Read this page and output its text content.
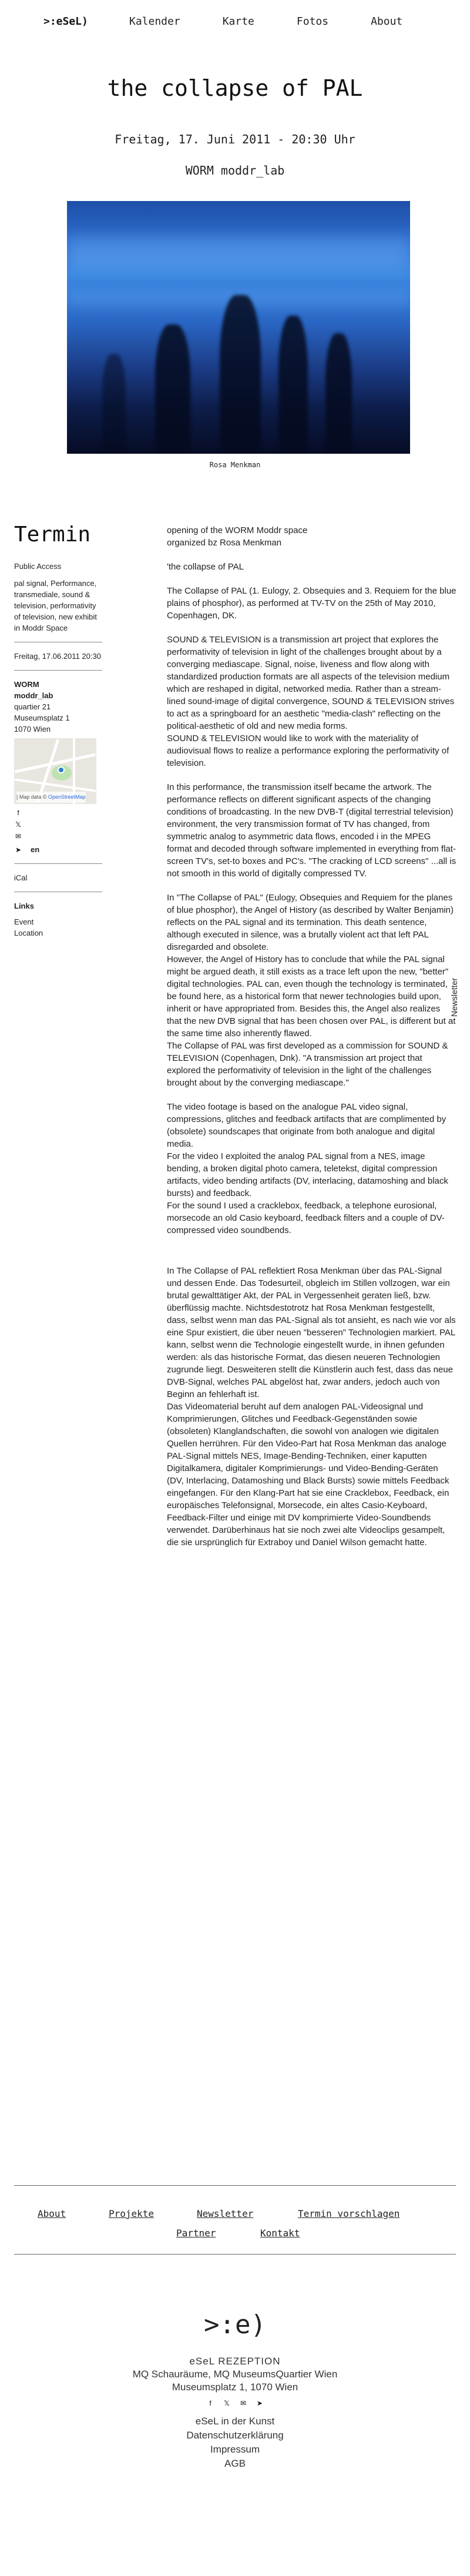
>:eSeL)	Kalender	Karte	Fotos	About
the collapse of PAL
Freitag, 17. Juni 2011 - 20:30 Uhr
WORM moddr_lab
Rosa Menkman
Termin
Public Access
pal signal, Performance, transmediale, sound & television, performativity of television, new exhibit in Moddr Space
Freitag, 17.06.2011 20:30
WORM
moddr_lab
quartier 21
Museumsplatz 1
1070 Wien
| Map data © OpenStreetMap
f
𝕏
✉
➤ en
iCal
Links
Event
Location
Newsletter

opening of the WORM Moddr space
organized bz Rosa Menkman

'the collapse of PAL

The Collapse of PAL (1. Eulogy, 2. Obsequies and 3. Requiem for the blue plains of phosphor), as performed at TV-TV on the 25th of May 2010, Copenhagen, DK.

SOUND & TELEVISION is a transmission art project that explores the performativity of television in light of the challenges brought about by a converging mediascape. Signal, noise, liveness and flow along with standardized production formats are all aspects of the television medium which are reshaped in digital, networked media. Rather than a stream-lined sound-image of digital convergence, SOUND & TELEVISION strives to act as a springboard for an aesthetic "media-clash" reflecting on the political-aesthetic of old and new media forms.

SOUND & TELEVISION would like to work with the materiality of audiovisual flows to realize a performance exploring the performativity of television.

In this performance, the transmission itself became the artwork. The performance reflects on different significant aspects of the changing conditions of broadcasting. In the new DVB-T (digital terrestrial television) environment, the very transmission format of TV has changed, from symmetric analog to asymmetric data flows, encoded i in the MPEG format and decoded through software implemented in everything from flat-screen TV's, set-to boxes and PC's. "The cracking of LCD screens" ...all is not smooth in this world of digitally compressed TV.

In "The Collapse of PAL" (Eulogy, Obsequies and Requiem for the planes of blue phosphor), the Angel of History (as described by Walter Benjamin) reflects on the PAL signal and its termination. This death sentence, although executed in silence, was a brutally violent act that left PAL disregarded and obsolete.

However, the Angel of History has to conclude that while the PAL signal might be argued death, it still exists as a trace left upon the new, "better" digital technologies. PAL can, even though the technology is terminated, be found here, as a historical form that newer technologies build upon, inherit or have appropriated from. Besides this, the Angel also realizes that the new DVB signal that has been chosen over PAL, is different but at the same time also inherently flawed.

The Collapse of PAL was first developed as a commission for SOUND & TELEVISION (Copenhagen, Dnk). "A transmission art project that explored the performativity of television in the light of the challenges brought about by the converging mediascape."

The video footage is based on the analogue PAL video signal, compressions, glitches and feedback artifacts that are complimented by (obsolete) soundscapes that originate from both analogue and digital media.

For the video I exploited the analog PAL signal from a NES, image bending, a broken digital photo camera, teletekst, digital compression artifacts, video bending artifacts (DV, interlacing, datamoshing and black bursts) and feedback.

For the sound I used a cracklebox, feedback, a telephone eurosional, morsecode an old Casio keyboard, feedback filters and a couple of DV-compressed video soundbends.

In The Collapse of PAL reflektiert Rosa Menkman über das PAL-Signal und dessen Ende. Das Todesurteil, obgleich im Stillen vollzogen, war ein brutal gewalttätiger Akt, der PAL in Vergessenheit geraten ließ, bzw. überflüssig machte. Nichtsdestotrotz hat Rosa Menkman festgestellt, dass, selbst wenn man das PAL-Signal als tot ansieht, es nach wie vor als eine Spur existiert, die über neuen "besseren" Technologien markiert. PAL kann, selbst wenn die Technologie eingestellt wurde, in ihnen gefunden werden: als das historische Format, das diesen neueren Technologien zugrunde liegt. Desweiteren stellt die Künstlerin auch fest, dass das neue DVB-Signal, welches PAL abgelöst hat, zwar anders, jedoch auch von Beginn an fehlerhaft ist.

Das Videomaterial beruht auf dem analogen PAL-Videosignal und Komprimierungen, Glitches und Feedback-Gegenständen sowie (obsoleten) Klanglandschaften, die sowohl von analogen wie digitalen Quellen herrühren. Für den Video-Part hat Rosa Menkman das analoge PAL-Signal mittels NES, Image-Bending-Techniken, einer kaputten Digitalkamera, digitaler Komprimierungs- und Video-Bending-Geräten (DV, Interlacing, Datamoshing und Black Bursts) sowie mittels Feedback eingefangen. Für den Klang-Part hat sie eine Cracklebox, Feedback, ein europäisches Telefonsignal, Morsecode, ein altes Casio-Keyboard, Feedback-Filter und einige mit DV komprimierte Video-Soundbends verwendet. Darüberhinaus hat sie noch zwei alte Videoclips gesampelt, die sie ursprünglich für Extraboy und Daniel Wilson gemacht hatte.

About	Projekte	Newsletter	Termin vorschlagen
Partner	Kontakt
>:e)
eSeL REZEPTION
MQ Schauräume, MQ MuseumsQuartier Wien
Museumsplatz 1, 1070 Wien
f	𝕏 ✉ ➤
eSeL in der Kunst
Datenschutzerklärung
Impressum
AGB
